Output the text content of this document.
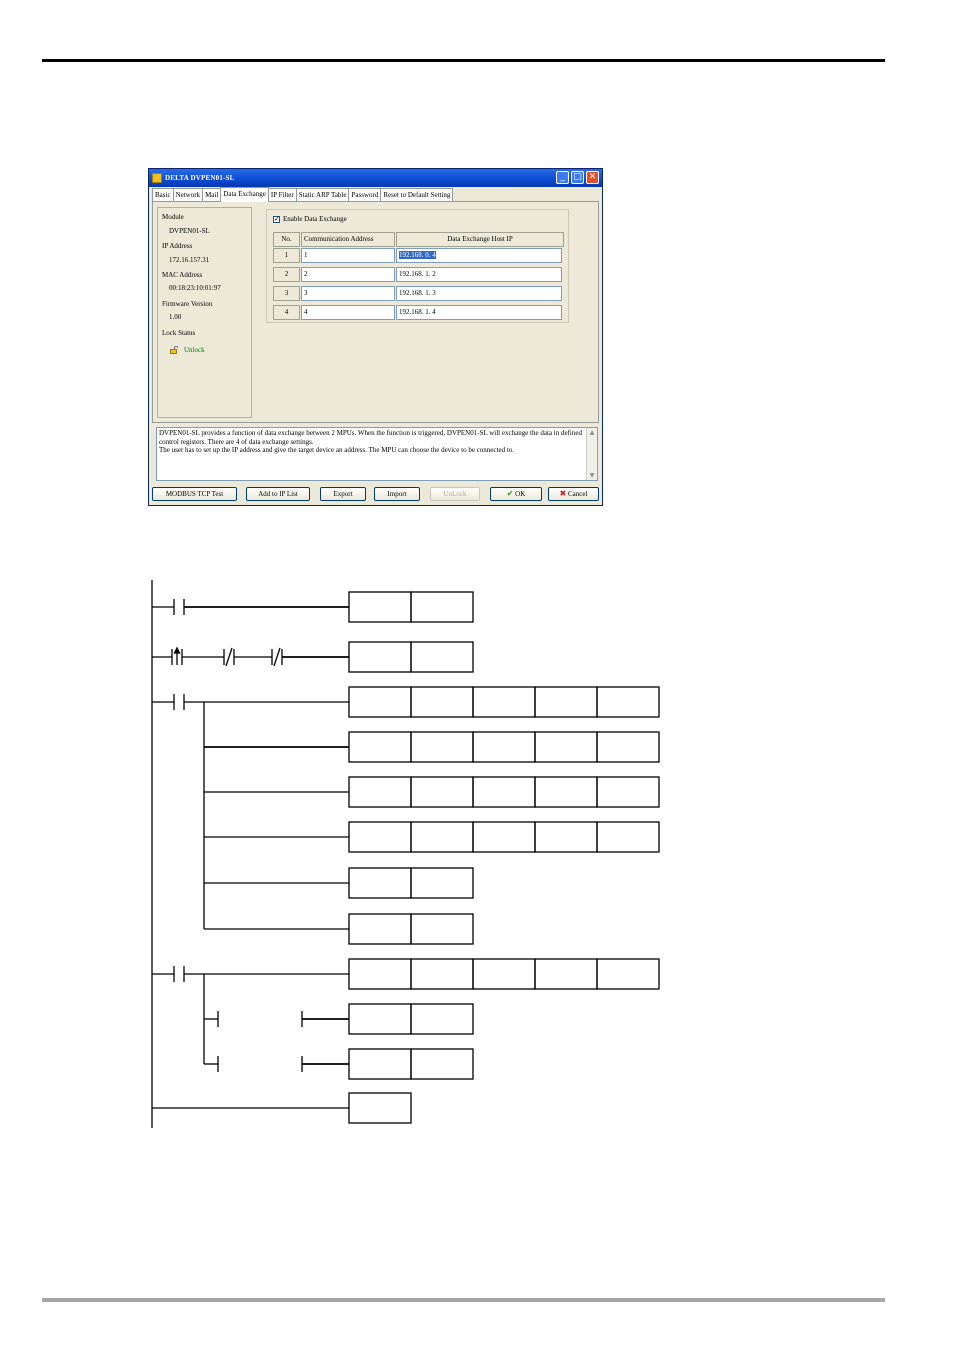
DELTA DVPEN01-SL	_ □ ✕
Basic Network Mail Data Exchange IP Filter Static ARP Table Password Reset to Default Setting
Module
DVPEN01-SL
IP Address
172.16.157.31
MAC Address
00:18:23:10:01:97
Firmware Version
1.00
Lock Status
Unlock
✓ Enable Data Exchange
No.	Communication Address	Data Exchange Host IP
1	1	192.168. 0. 4
2	2	192.168. 1. 2
3	3	192.168. 1. 3
4	4	192.168. 1. 4
DVPEN01-SL provides a function of data exchange between 2 MPUs. When the function is triggered, DVPEN01-SL will exchange the data in defined control registers. There are 4 of data exchange settings.
The user has to set up the IP address and give the target device an address. The MPU can choose the device to be connected to.
▲
▼
MODBUS TCP Test	Add to IP List	Export	Import	UnLock	✔ OK	✖ Cancel
